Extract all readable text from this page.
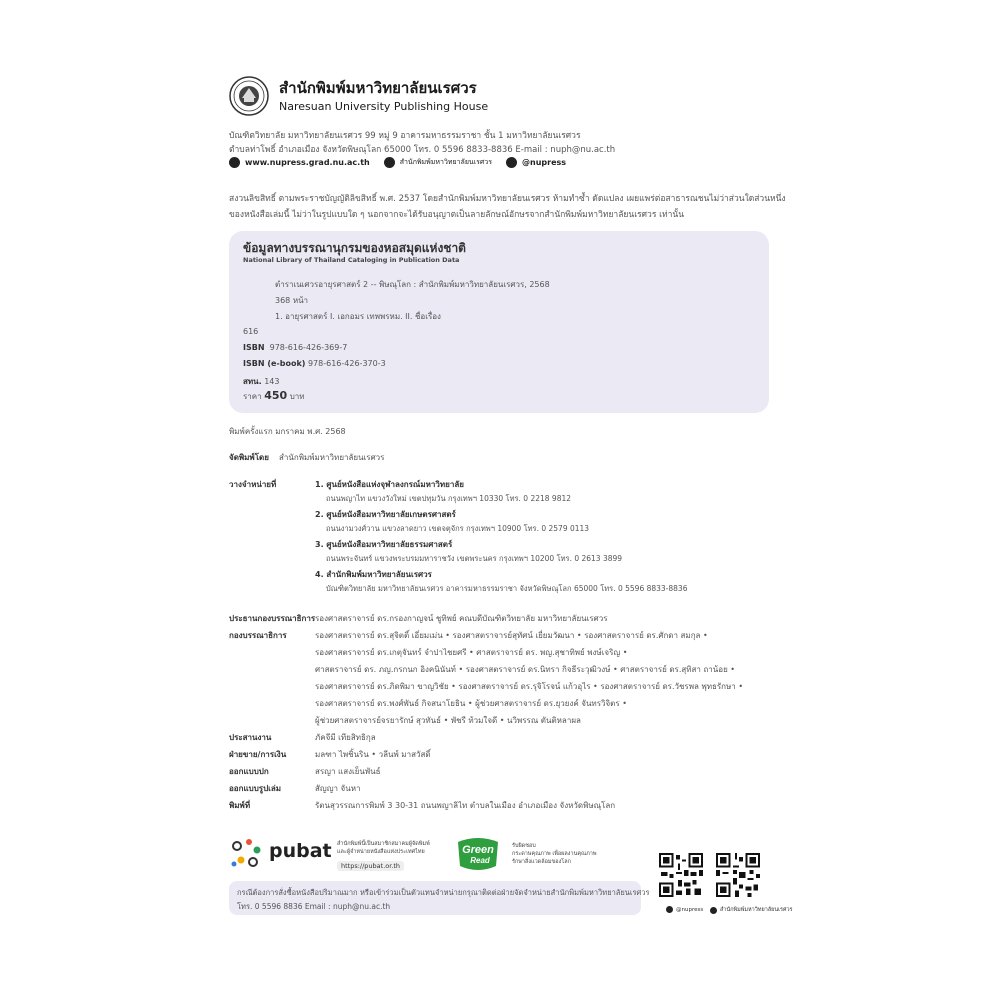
สำนักพิมพ์มหาวิทยาลัยนเรศวร
Naresuan University Publishing House
บัณฑิตวิทยาลัย มหาวิทยาลัยนเรศวร 99 หมู่ 9 อาคารมหาธรรมราชา ชั้น 1 มหาวิทยาลัยนเรศวร
ตำบลท่าโพธิ์ อำเภอเมือง จังหวัดพิษณุโลก 65000 โทร. 0 5596 8833-8836 E-mail : nuph@nu.ac.th
www.nupress.grad.nu.ac.th	สำนักพิมพ์มหาวิทยาลัยนเรศวร	@nupress
สงวนลิขสิทธิ์ ตามพระราชบัญญัติลิขสิทธิ์ พ.ศ. 2537 โดยสำนักพิมพ์มหาวิทยาลัยนเรศวร ห้ามทำซ้ำ ดัดแปลง เผยแพร่ต่อสาธารณชนไม่ว่าส่วนใดส่วนหนึ่ง
ของหนังสือเล่มนี้ ไม่ว่าในรูปแบบใด ๆ นอกจากจะได้รับอนุญาตเป็นลายลักษณ์อักษรจากสำนักพิมพ์มหาวิทยาลัยนเรศวร เท่านั้น
ข้อมูลทางบรรณานุกรมของหอสมุดแห่งชาติ
National Library of Thailand Cataloging in Publication Data
ตำราเนเศวรอายุรศาสตร์ 2 -- พิษณุโลก : สำนักพิมพ์มหาวิทยาลัยนเรศวร, 2568
368 หน้า
1. อายุรศาสตร์ I. เอกอมร เทพพรหม. II. ชื่อเรื่อง
616
ISBN 978-616-426-369-7
ISBN (e-book) 978-616-426-370-3
สทน. 143
ราคา 450 บาท
พิมพ์ครั้งแรก มกราคม พ.ศ. 2568
จัดพิมพ์โดย สำนักพิมพ์มหาวิทยาลัยนเรศวร
วางจำหน่ายที่	1. ศูนย์หนังสือแห่งจุฬาลงกรณ์มหาวิทยาลัย
ถนนพญาไท แขวงวังใหม่ เขตปทุมวัน กรุงเทพฯ 10330 โทร. 0 2218 9812
2. ศูนย์หนังสือมหาวิทยาลัยเกษตรศาสตร์
ถนนงามวงศ์วาน แขวงลาดยาว เขตจตุจักร กรุงเทพฯ 10900 โทร. 0 2579 0113
3. ศูนย์หนังสือมหาวิทยาลัยธรรมศาสตร์
ถนนพระจันทร์ แขวงพระบรมมหาราชวัง เขตพระนคร กรุงเทพฯ 10200 โทร. 0 2613 3899
4. สำนักพิมพ์มหาวิทยาลัยนเรศวร
บัณฑิตวิทยาลัย มหาวิทยาลัยนเรศวร อาคารมหาธรรมราชา จังหวัดพิษณุโลก 65000 โทร. 0 5596 8833-8836
ประธานกองบรรณาธิการ รองศาสตราจารย์ ดร.กรองกาญจน์ ชูทิพย์ คณบดีบัณฑิตวิทยาลัย มหาวิทยาลัยนเรศวร
กองบรรณาธิการ	รองศาสตราจารย์ ดร.สุจิตติ์ เอี่ยมเม่น • รองศาสตราจารย์สุทัศน์ เยี่ยมวัฒนา • รองศาสตราจารย์ ดร.ศักดา สมกุล •
รองศาสตราจารย์ ดร.เกตุจันทร์ จำปาไชยศรี • ศาสตราจารย์ ดร. พญ.สุชาทิพย์ พงษ์เจริญ •
ศาสตราจารย์ ดร. ภญ.กรกนก อิงคนินันท์ • รองศาสตราจารย์ ดร.นิทรา กิจธีระวุฒิวงษ์ • ศาสตราจารย์ ดร.สุทิสา ถาน้อย •
รองศาสตราจารย์ ดร.ภิดพิมา ขาญวิชัย • รองศาสตราจารย์ ดร.รุจิโรจน์ แก้วอุไร • รองศาสตราจารย์ ดร.วัชรพล พุทธรักษา •
รองศาสตราจารย์ ดร.พงศ์พันธ์ กิจสนาโยธิน • ผู้ช่วยศาสตราจารย์ ดร.ยุวยงค์ จันทรวิจิตร •
ผู้ช่วยศาสตราจารย์จรยารักษ์ สุวทันธ์ • พัชรี ท้วมใจดี • นวิพรรณ ตันติหลาผล
ประสานงาน	ภัคจีมี เทียสิทธิกุล
ฝ่ายขาย/การเงิน	มลฑา ไพชิ้นริน • วลีนพ์ มาสวัสดิ์
ออกแบบปก	สรญา แสงเย็นพันธ์
ออกแบบรูปเล่ม	สัญญา จันหา
พิมพ์ที่	รัตนสุวรรณการพิมพ์ 3 30-31 ถนนพญาลิไท ตำบลในเมือง อำเภอเมือง จังหวัดพิษณุโลก
pubat สำนักพิมพ์นี้เป็นสมาชิกสมาคมผู้จัดพิมพ์
และผู้จำหน่ายหนังสือแห่งประเทศไทย
https://pubat.or.th
Green
Read
รับผิดชอบ
กระดาษคุณภาพ เพื่อผลงานคุณภาพ
รักษาสิ่งแวดล้อมของโลก
กรณีต้องการสั่งซื้อหนังสือปริมาณมาก หรือเข้าร่วมเป็นตัวแทนจำหน่ายกรุณาติดต่อฝ่ายจัดจำหน่ายสำนักพิมพ์มหาวิทยาลัยนเรศวร
โทร. 0 5596 8836 Email : nuph@nu.ac.th	@nupress	สำนักพิมพ์มหาวิทยาลัยนเรศวร
